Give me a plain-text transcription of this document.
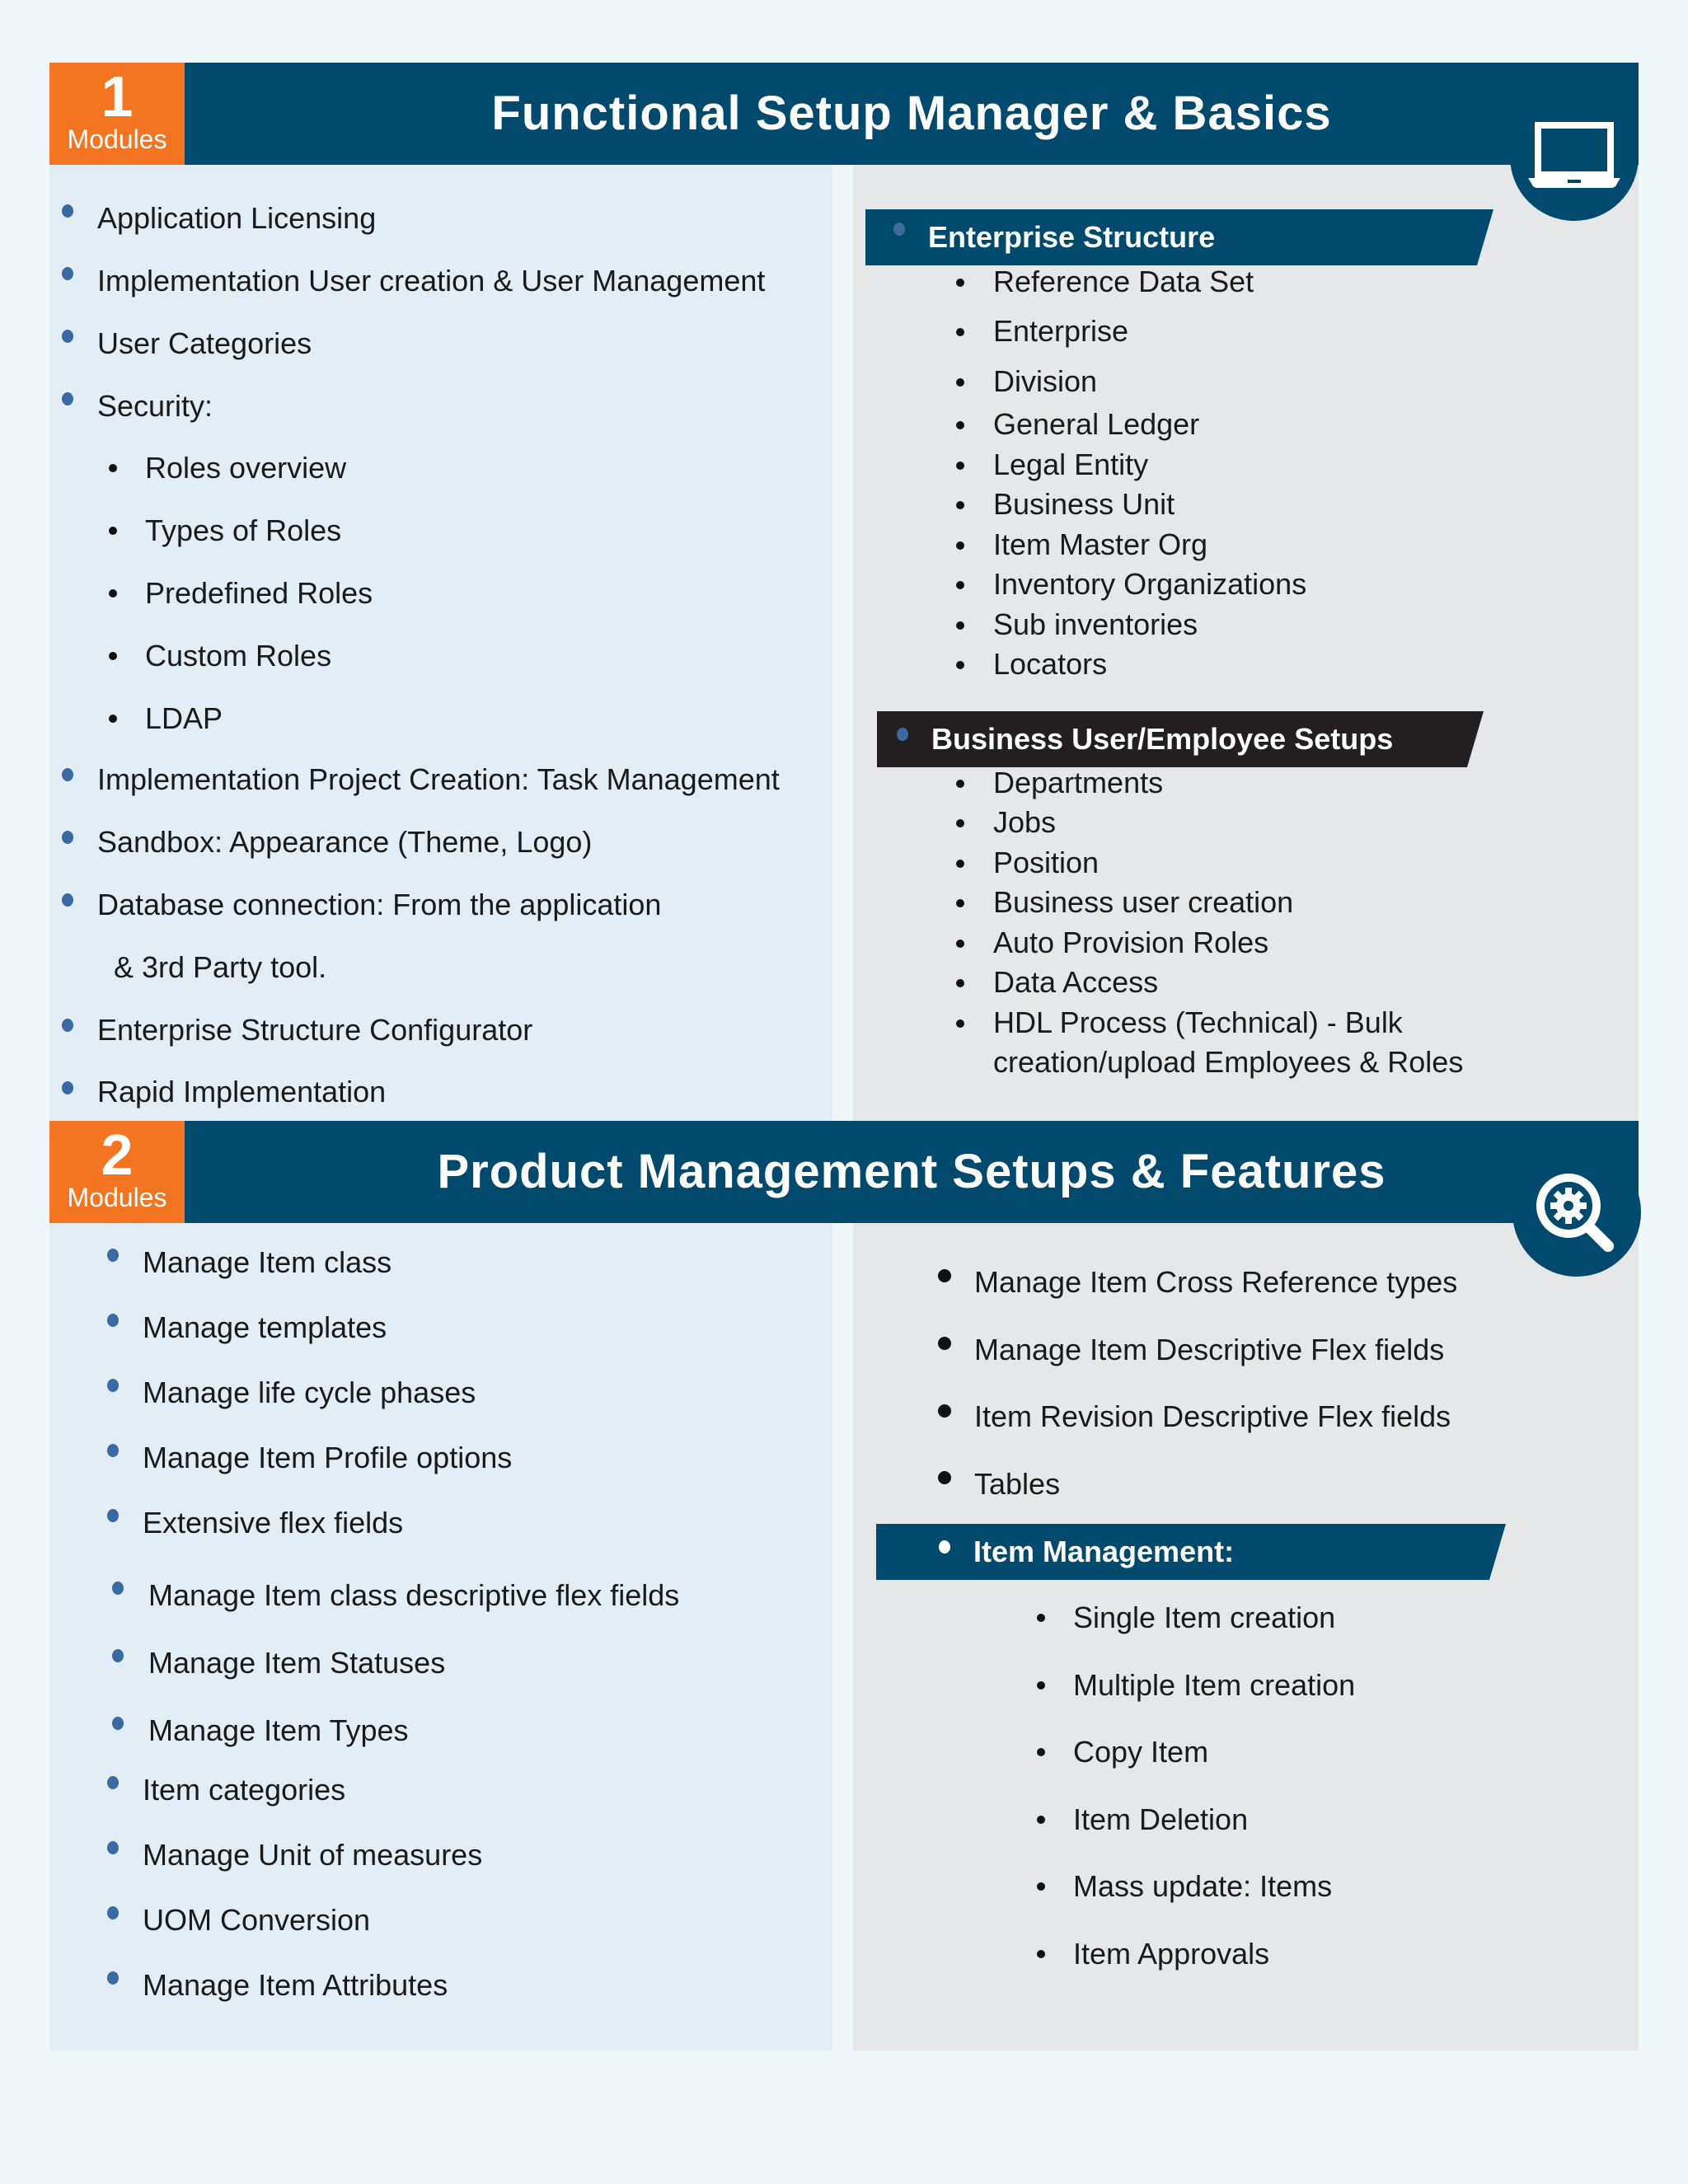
1
Modules	Functional Setup Manager & Basics
Application Licensing
Implementation User creation & User Management
User Categories
Security:
Roles overview
Types of Roles
Predefined Roles
Custom Roles
LDAP
Implementation Project Creation: Task Management
Sandbox: Appearance (Theme, Logo)
Database connection: From the application
& 3rd Party tool.
Enterprise Structure Configurator
Rapid Implementation
Enterprise Structure
Reference Data Set
Enterprise
Division
General Ledger
Legal Entity
Business Unit
Item Master Org
Inventory Organizations
Sub inventories
Locators
Business User/Employee Setups
Departments
Jobs
Position
Business user creation
Auto Provision Roles
Data Access
HDL Process (Technical) - Bulk
creation/upload Employees & Roles
2
Modules	Product Management Setups & Features
Manage Item class
Manage templates
Manage life cycle phases
Manage Item Profile options
Extensive flex fields
Manage Item class descriptive flex fields
Manage Item Statuses
Manage Item Types
Item categories
Manage Unit of measures
UOM Conversion
Manage Item Attributes
Manage Item Cross Reference types
Manage Item Descriptive Flex fields
Item Revision Descriptive Flex fields
Tables
Item Management:
Single Item creation
Multiple Item creation
Copy Item
Item Deletion
Mass update: Items
Item Approvals
